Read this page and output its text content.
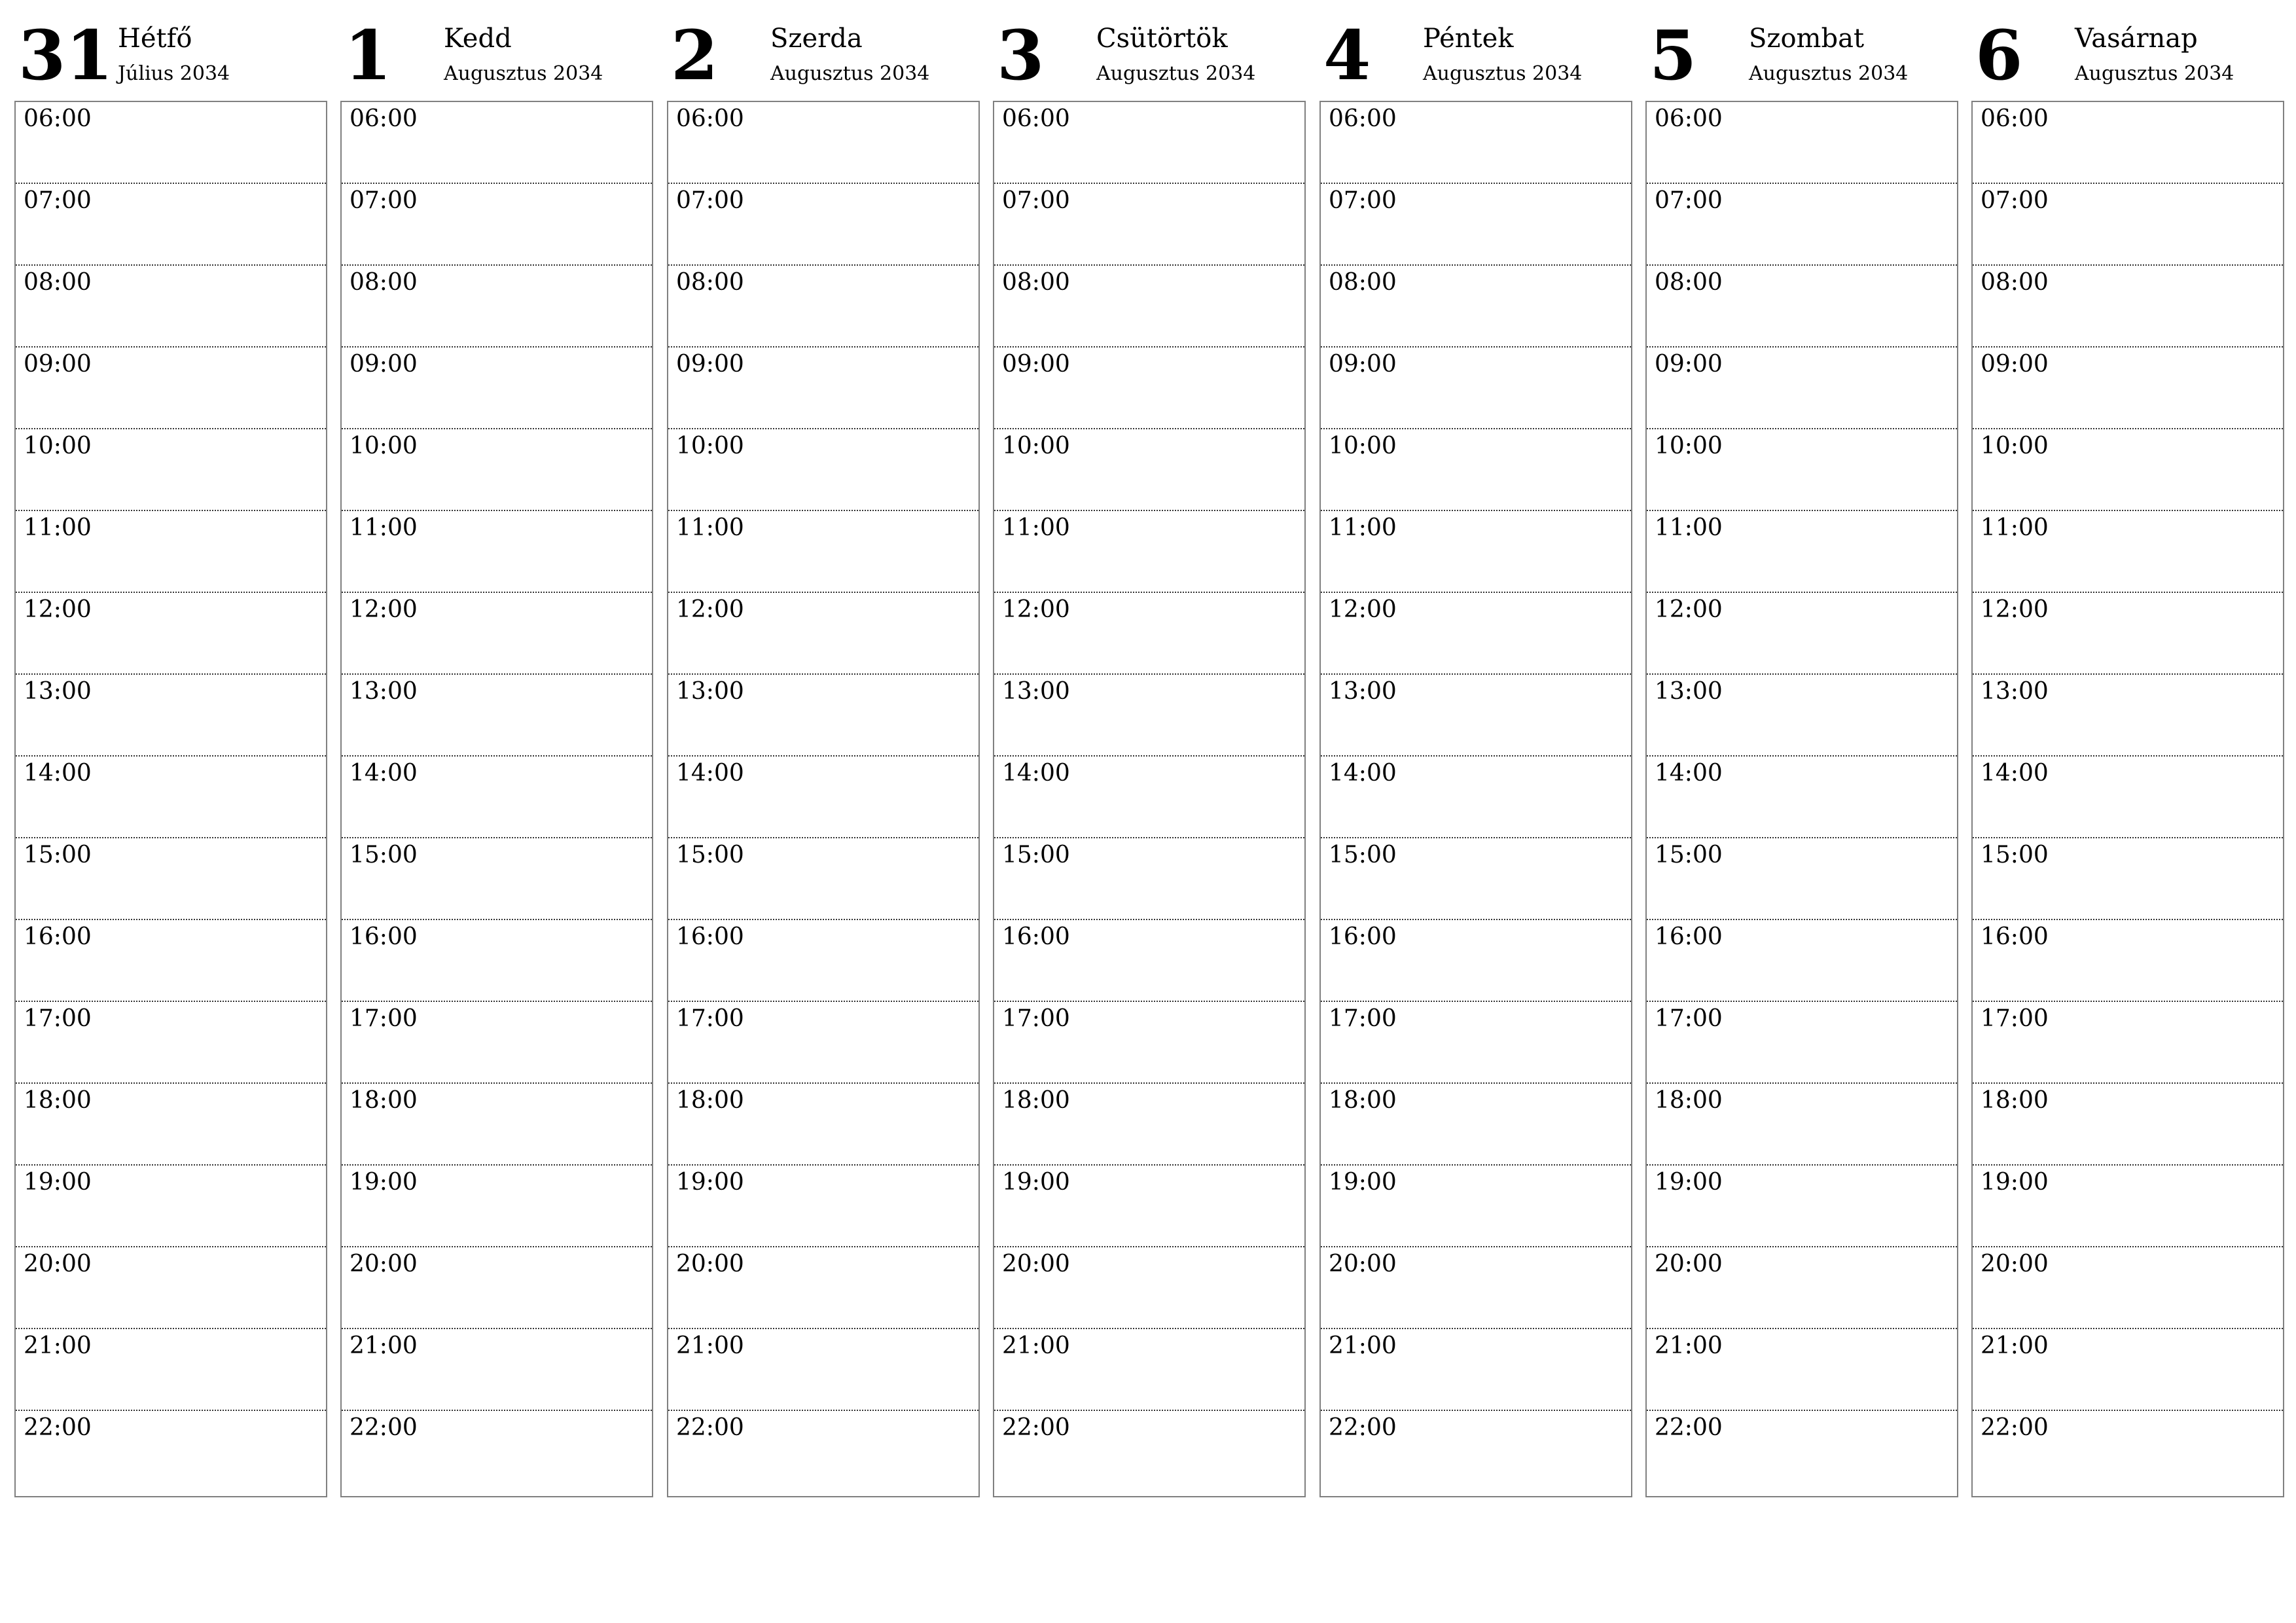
31 Hétfő
Július 2034
06:00
07:00
08:00
09:00
10:00
11:00
12:00
13:00
14:00
15:00
16:00
17:00
18:00
19:00
20:00
21:00
22:00
1 Kedd
Augusztus 2034
06:00
07:00
08:00
09:00
10:00
11:00
12:00
13:00
14:00
15:00
16:00
17:00
18:00
19:00
20:00
21:00
22:00
2 Szerda
Augusztus 2034
06:00
07:00
08:00
09:00
10:00
11:00
12:00
13:00
14:00
15:00
16:00
17:00
18:00
19:00
20:00
21:00
22:00
3 Csütörtök
Augusztus 2034
06:00
07:00
08:00
09:00
10:00
11:00
12:00
13:00
14:00
15:00
16:00
17:00
18:00
19:00
20:00
21:00
22:00
4 Péntek
Augusztus 2034
06:00
07:00
08:00
09:00
10:00
11:00
12:00
13:00
14:00
15:00
16:00
17:00
18:00
19:00
20:00
21:00
22:00
5 Szombat
Augusztus 2034
06:00
07:00
08:00
09:00
10:00
11:00
12:00
13:00
14:00
15:00
16:00
17:00
18:00
19:00
20:00
21:00
22:00
6 Vasárnap
Augusztus 2034
06:00
07:00
08:00
09:00
10:00
11:00
12:00
13:00
14:00
15:00
16:00
17:00
18:00
19:00
20:00
21:00
22:00
